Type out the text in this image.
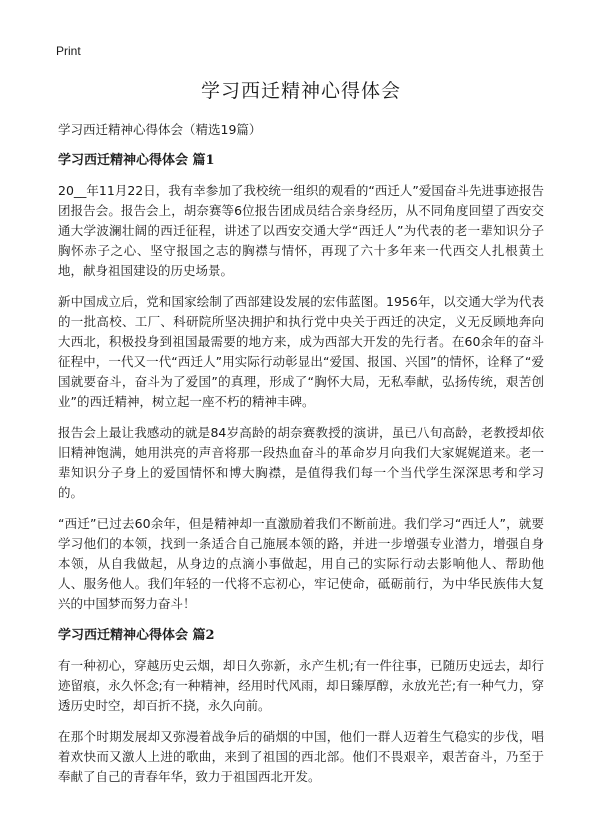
Print
学习西迁精神心得体会

学习西迁精神心得体会（精选19篇）

学习西迁精神心得体会 篇1

20__年11月22日，我有幸参加了我校统一组织的观看的“西迁人”爱国奋斗先进事迹报告团报告会。报告会上，胡奈赛等6位报告团成员结合亲身经历，从不同角度回望了西安交通大学波澜壮阔的西迁征程，讲述了以西安交通大学“西迁人”为代表的老一辈知识分子胸怀赤子之心、坚守报国之志的胸襟与情怀，再现了六十多年来一代西交人扎根黄土地，献身祖国建设的历史场景。

新中国成立后，党和国家绘制了西部建设发展的宏伟蓝图。1956年，以交通大学为代表的一批高校、工厂、科研院所坚决拥护和执行党中央关于西迁的决定，义无反顾地奔向大西北，积极投身到祖国最需要的地方来，成为西部大开发的先行者。在60余年的奋斗征程中，一代又一代“西迁人”用实际行动彰显出“爱国、报国、兴国”的情怀，诠释了“爱国就要奋斗，奋斗为了爱国”的真理，形成了“胸怀大局，无私奉献，弘扬传统，艰苦创业”的西迁精神，树立起一座不朽的精神丰碑。

报告会上最让我感动的就是84岁高龄的胡奈赛教授的演讲，虽已八旬高龄，老教授却依旧精神饱满，她用洪亮的声音将那一段热血奋斗的革命岁月向我们大家娓娓道来。老一辈知识分子身上的爱国情怀和博大胸襟，是值得我们每一个当代学生深深思考和学习的。

“西迁”已过去60余年，但是精神却一直激励着我们不断前进。我们学习“西迁人”，就要学习他们的本领，找到一条适合自己施展本领的路，并进一步增强专业潜力，增强自身本领，从自我做起，从身边的点滴小事做起，用自己的实际行动去影响他人、帮助他人、服务他人。我们年轻的一代将不忘初心，牢记使命，砥砺前行，为中华民族伟大复兴的中国梦而努力奋斗！

学习西迁精神心得体会 篇2

有一种初心，穿越历史云烟，却日久弥新，永产生机;有一件往事，已随历史远去，却行迹留痕，永久怀念;有一种精神，经用时代风雨，却日臻厚醇，永放光芒;有一种气力，穿透历史时空，却百折不挠，永久向前。

在那个时期发展却又弥漫着战争后的硝烟的中国，他们一群人迈着生气稳实的步伐，唱着欢快而又激人上进的歌曲，来到了祖国的西北部。他们不畏艰辛，艰苦奋斗，乃至于奉献了自己的青春年华，致力于祖国西北开发。
